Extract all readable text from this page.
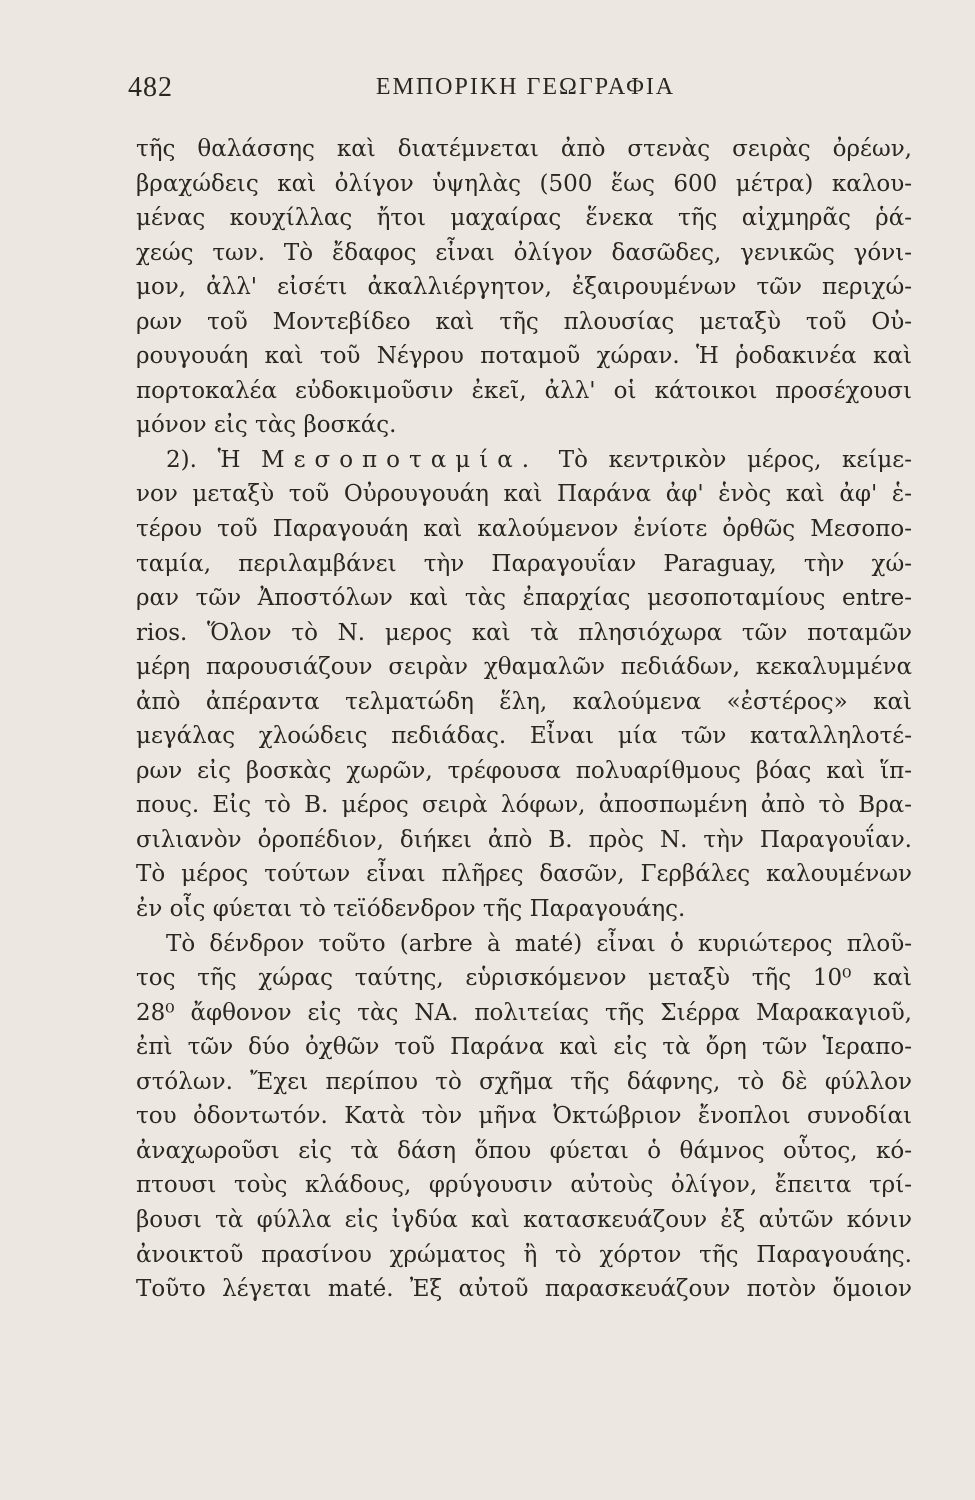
482	ΕΜΠΟΡΙΚΗ ΓΕΩΓΡΑΦΙΑ
τῆς θαλάσσης καὶ διατέμνεται ἀπὸ στενὰς σειρὰς ὀρέων,
βραχώδεις καὶ ὀλίγον ὑψηλὰς (500 ἕως 600 μέτρα) καλου-
μένας κουχίλλας ἤτοι μαχαίρας ἕνεκα τῆς αἰχμηρᾶς ῥά-
χεώς των. Τὸ ἔδαφος εἶναι ὀλίγον δασῶδες, γενικῶς γόνι-
μον, ἀλλ' εἰσέτι ἀκαλλιέργητον, ἐξαιρουμένων τῶν περιχώ-
ρων τοῦ Μοντεβίδεο καὶ τῆς πλουσίας μεταξὺ τοῦ Οὐ-
ρουγουάη καὶ τοῦ Νέγρου ποταμοῦ χώραν. Ἡ ῥοδακινέα καὶ
πορτοκαλέα εὐδοκιμοῦσιν ἐκεῖ, ἀλλ' οἱ κάτοικοι προσέχουσι
μόνον εἰς τὰς βοσκάς.
2). Ἡ Μεσοποταμία. Τὸ κεντρικὸν μέρος, κείμε-
νον μεταξὺ τοῦ Οὐρουγουάη καὶ Παράνα ἀφ' ἑνὸς καὶ ἀφ' ἑ-
τέρου τοῦ Παραγουάη καὶ καλούμενον ἐνίοτε ὀρθῶς Μεσοπο-
ταμία, περιλαμβάνει τὴν Παραγουΐαν Paraguay, τὴν χώ-
ραν τῶν Ἀποστόλων καὶ τὰς ἐπαρχίας μεσοποταμίους entre-
rios. Ὅλον τὸ Ν. μερος καὶ τὰ πλησιόχωρα τῶν ποταμῶν
μέρη παρουσιάζουν σειρὰν χθαμαλῶν πεδιάδων, κεκαλυμμένα
ἀπὸ ἀπέραντα τελματώδη ἕλη, καλούμενα «ἐστέρος» καὶ
μεγάλας χλοώδεις πεδιάδας. Εἶναι μία τῶν καταλληλοτέ-
ρων εἰς βοσκὰς χωρῶν, τρέφουσα πολυαρίθμους βόας καὶ ἵπ-
πους. Εἰς τὸ Β. μέρος σειρὰ λόφων, ἀποσπωμένη ἀπὸ τὸ Βρα-
σιλιανὸν ὀροπέδιον, διήκει ἀπὸ Β. πρὸς Ν. τὴν Παραγουΐαν.
Τὸ μέρος τούτων εἶναι πλῆρες δασῶν, Γερβάλες καλουμένων
ἐν οἷς φύεται τὸ τεϊόδενδρον τῆς Παραγουάης.
Τὸ δένδρον τοῦτο (arbre à maté) εἶναι ὁ κυριώτερος πλοῦ-
τος τῆς χώρας ταύτης, εὑρισκόμενον μεταξὺ τῆς 10⁰ καὶ
28⁰ ἄφθονον εἰς τὰς ΝΑ. πολιτείας τῆς Σιέρρα Μαρακαγιοῦ,
ἐπὶ τῶν δύο ὀχθῶν τοῦ Παράνα καὶ εἰς τὰ ὄρη τῶν Ἱεραπο-
στόλων. Ἔχει περίπου τὸ σχῆμα τῆς δάφνης, τὸ δὲ φύλλον
του ὀδοντωτόν. Κατὰ τὸν μῆνα Ὀκτώβριον ἔνοπλοι συνοδίαι
ἀναχωροῦσι εἰς τὰ δάση ὅπου φύεται ὁ θάμνος οὗτος, κό-
πτουσι τοὺς κλάδους, φρύγουσιν αὐτοὺς ὀλίγον, ἔπειτα τρί-
βουσι τὰ φύλλα εἰς ἰγδύα καὶ κατασκευάζουν ἐξ αὐτῶν κόνιν
ἀνοικτοῦ πρασίνου χρώματος ἢ τὸ χόρτον τῆς Παραγουάης.
Τοῦτο λέγεται maté. Ἐξ αὐτοῦ παρασκευάζουν ποτὸν ὅμοιον
